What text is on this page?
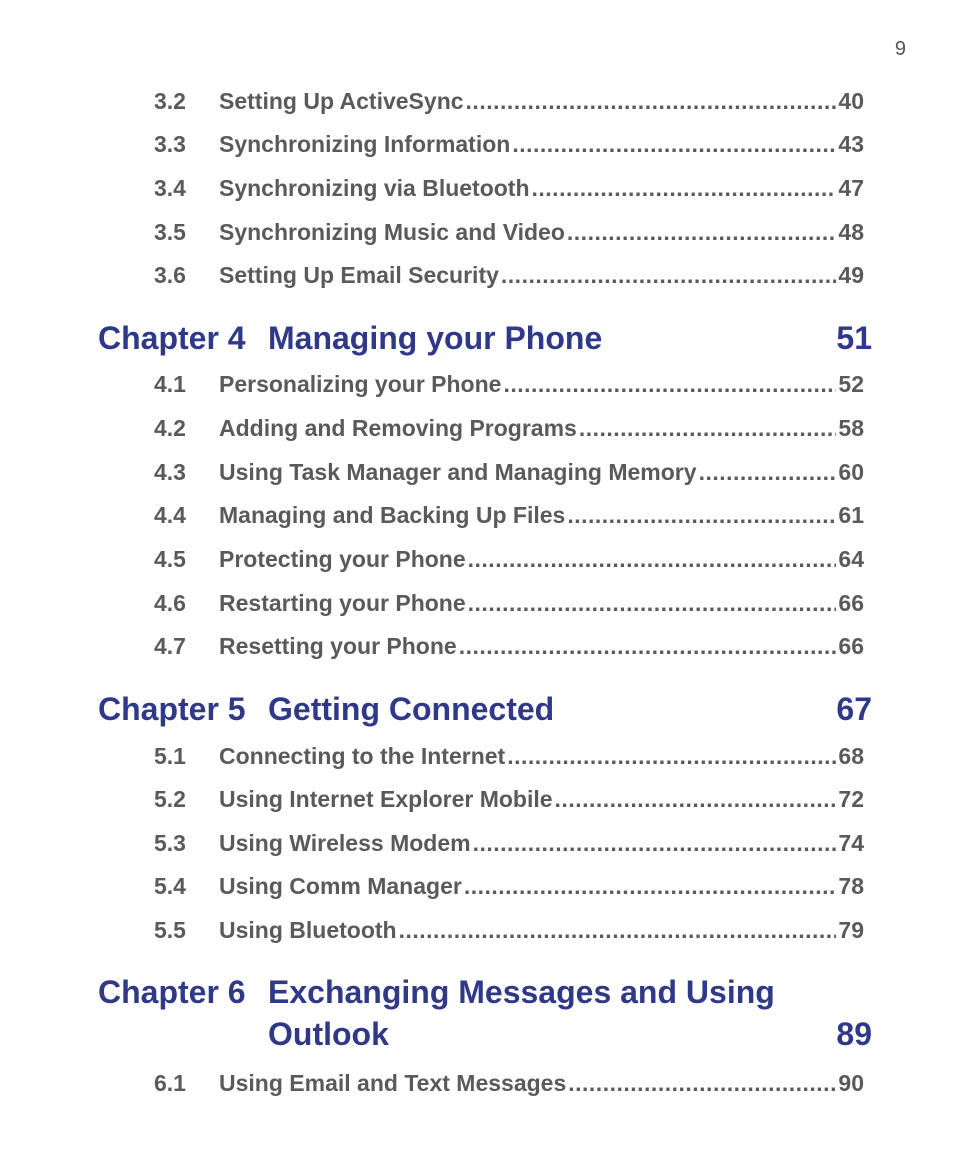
9
3.2 Setting Up ActiveSync .....	40
3.3 Synchronizing Information .....	43
3.4 Synchronizing via Bluetooth .....	47
3.5 Synchronizing Music and Video .....	48
3.6 Setting Up Email Security .....	49
Chapter 4 Managing your Phone	51
4.1 Personalizing your Phone .....	52
4.2 Adding and Removing Programs .....	58
4.3 Using Task Manager and Managing Memory .....	60
4.4 Managing and Backing Up Files .....	61
4.5 Protecting your Phone .....	64
4.6 Restarting your Phone .....	66
4.7 Resetting your Phone .....	66
Chapter 5 Getting Connected	67
5.1 Connecting to the Internet .....	68
5.2 Using Internet Explorer Mobile .....	72
5.3 Using Wireless Modem .....	74
5.4 Using Comm Manager .....	78
5.5 Using Bluetooth .....	79
Chapter 6 Exchanging Messages and Using Outlook	89
6.1 Using Email and Text Messages .....	90
